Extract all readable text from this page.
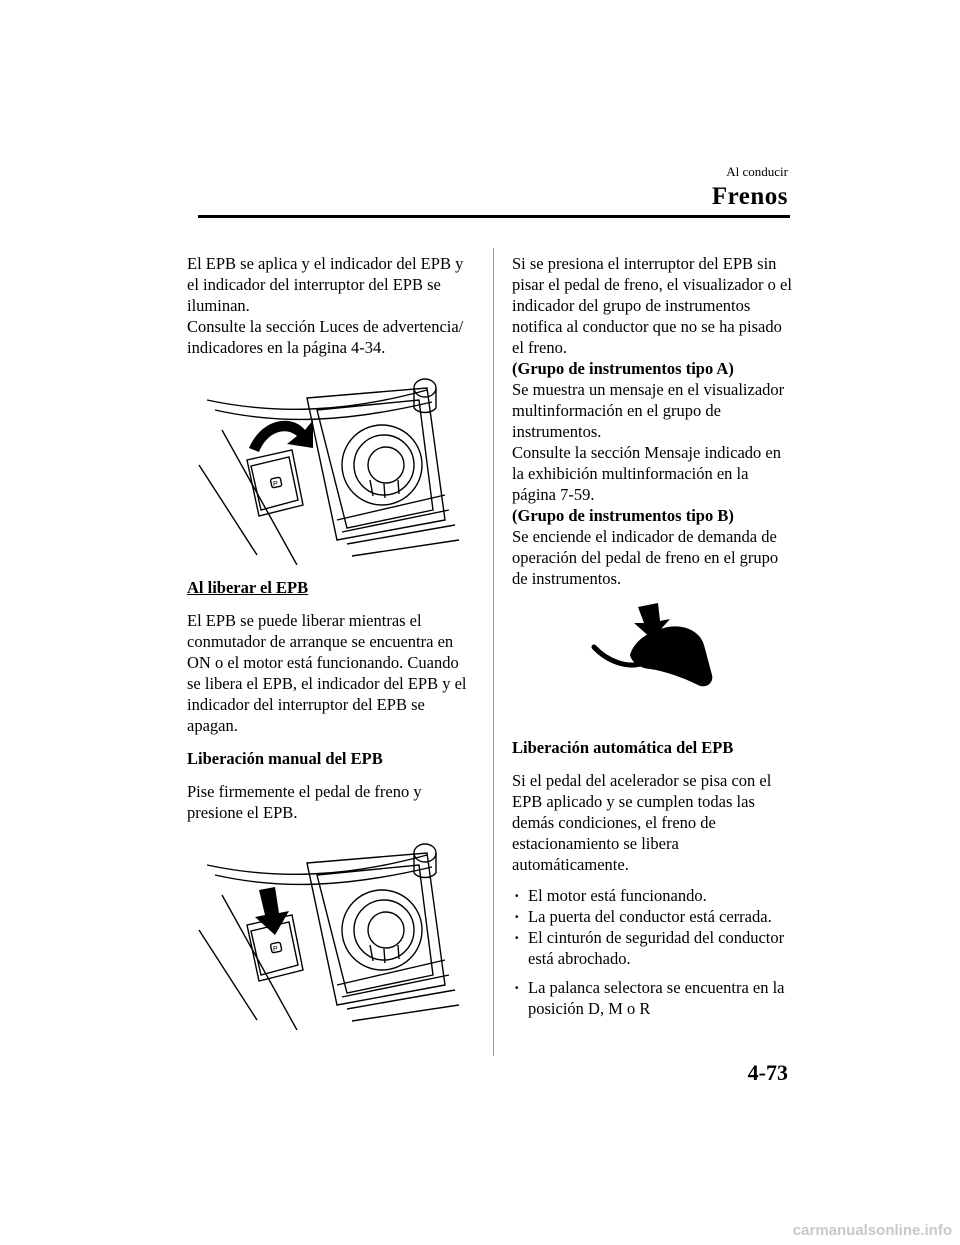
Al conducir
Frenos

El EPB se aplica y el indicador del EPB y
el indicador del interruptor del EPB se
iluminan.
Consulte la sección Luces de advertencia/
indicadores en la página 4-34.

P

Al liberar el EPB

El EPB se puede liberar mientras el
conmutador de arranque se encuentra en
ON o el motor está funcionando. Cuando
se libera el EPB, el indicador del EPB y el
indicador del interruptor del EPB se
apagan.

Liberación manual del EPB

Pise firmemente el pedal de freno y
presione el EPB.

P

Si se presiona el interruptor del EPB sin
pisar el pedal de freno, el visualizador o el
indicador del grupo de instrumentos
notifica al conductor que no se ha pisado
el freno.

(Grupo de instrumentos tipo A)

Se muestra un mensaje en el visualizador
multinformación en el grupo de
instrumentos.
Consulte la sección Mensaje indicado en
la exhibición multinformación en la
página 7-59.

(Grupo de instrumentos tipo B)

Se enciende el indicador de demanda de
operación del pedal de freno en el grupo
de instrumentos.

Liberación automática del EPB

Si el pedal del acelerador se pisa con el
EPB aplicado y se cumplen todas las
demás condiciones, el freno de
estacionamiento se libera
automáticamente.

· El motor está funcionando.
· La puerta del conductor está cerrada.
· El cinturón de seguridad del conductor
está abrochado.
· La palanca selectora se encuentra en la
posición D, M o R
4-73
carmanualsonline.info
